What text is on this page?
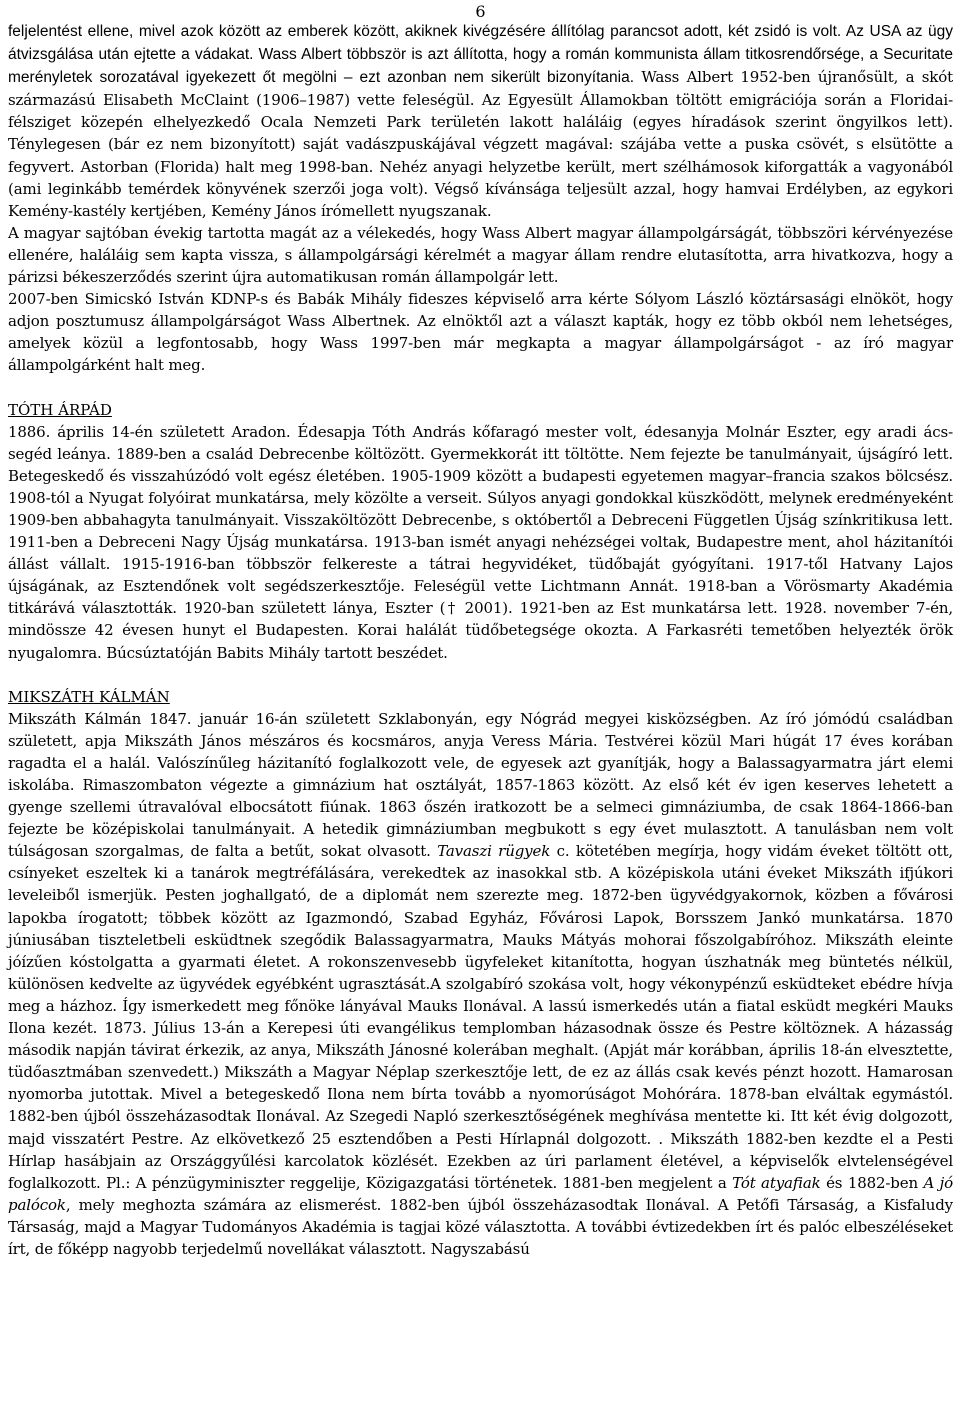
6

feljelentést ellene, mivel azok között az emberek között, akiknek kivégzésére állítólag parancsot adott, két zsidó is volt. Az USA az ügy átvizsgálása után ejtette a vádakat. Wass Albert többször is azt állította, hogy a román kommunista állam titkosrendőrsége, a Securitate merényletek sorozatával igyekezett őt megölni – ezt azonban nem sikerült bizonyítania. Wass Albert 1952-ben újranősült, a skót származású Elisabeth McClaint (1906–1987) vette feleségül. Az Egyesült Államokban töltött emigrációja során a Floridai-félsziget közepén elhelyezkedő Ocala Nemzeti Park területén lakott haláláig (egyes híradások szerint öngyilkos lett). Ténylegesen (bár ez nem bizonyított) saját vadászpuskájával végzett magával: szájába vette a puska csövét, s elsütötte a fegyvert. Astorban (Florida) halt meg 1998-ban. Nehéz anyagi helyzetbe került, mert szélhámosok kiforgatták a vagyonából (ami leginkább temérdek könyvének szerzői joga volt). Végső kívánsága teljesült azzal, hogy hamvai Erdélyben, az egykori Kemény-kastély kertjében, Kemény János írómellett nyugszanak.

A magyar sajtóban évekig tartotta magát az a vélekedés, hogy Wass Albert magyar állampolgárságát, többszöri kérvényezése ellenére, haláláig sem kapta vissza, s állampolgársági kérelmét a magyar állam rendre elutasította, arra hivatkozva, hogy a párizsi békeszerződés szerint újra automatikusan román állampolgár lett.

2007-ben Simicskó István KDNP-s és Babák Mihály fideszes képviselő arra kérte Sólyom László köztársasági elnököt, hogy adjon posztumusz állampolgárságot Wass Albertnek. Az elnöktől azt a választ kapták, hogy ez több okból nem lehetséges, amelyek közül a legfontosabb, hogy Wass 1997-ben már megkapta a magyar állampolgárságot - az író magyar állampolgárként halt meg.

TÓTH ÁRPÁD

1886. április 14-én született Aradon. Édesapja Tóth András kőfaragó mester volt, édesanyja Molnár Eszter, egy aradi ács-segéd leánya. 1889-ben a család Debrecenbe költözött. Gyermekkorát itt töltötte. Nem fejezte be tanulmányait, újságíró lett. Betegeskedő és visszahúzódó volt egész életében. 1905-1909 között a budapesti egyetemen magyar–francia szakos bölcsész. 1908-tól a Nyugat folyóirat munkatársa, mely közölte a verseit. Súlyos anyagi gondokkal küszködött, melynek eredményeként 1909-ben abbahagyta tanulmányait. Visszaköltözött Debrecenbe, s októbertől a Debreceni Független Újság színkritikusa lett. 1911-ben a Debreceni Nagy Újság munkatársa. 1913-ban ismét anyagi nehézségei voltak, Budapestre ment, ahol házitanítói állást vállalt. 1915-1916-ban többször felkereste a tátrai hegyvidéket, tüdőbaját gyógyítani. 1917-től Hatvany Lajos újságának, az Esztendőnek volt segédszerkesztője. Feleségül vette Lichtmann Annát. 1918-ban a Vörösmarty Akadémia titkárává választották. 1920-ban született lánya, Eszter († 2001). 1921-ben az Est munkatársa lett. 1928. november 7-én, mindössze 42 évesen hunyt el Budapesten. Korai halálát tüdőbetegsége okozta. A Farkasréti temetőben helyezték örök nyugalomra. Búcsúztatóján Babits Mihály tartott beszédet.

MIKSZÁTH KÁLMÁN

Mikszáth Kálmán 1847. január 16-án született Szklabonyán, egy Nógrád megyei kisközségben. Az író jómódú családban született, apja Mikszáth János mészáros és kocsmáros, anyja Veress Mária. Testvérei közül Mari húgát 17 éves korában ragadta el a halál. Valószínűleg házitanító foglalkozott vele, de egyesek azt gyanítják, hogy a Balassagyarmatra járt elemi iskolába. Rimaszombaton végezte a gimnázium hat osztályát, 1857-1863 között. Az első két év igen keserves lehetett a gyenge szellemi útravalóval elbocsátott fiúnak. 1863 őszén iratkozott be a selmeci gimnáziumba, de csak 1864-1866-ban fejezte be középiskolai tanulmányait. A hetedik gimnáziumban megbukott s egy évet mulasztott. A tanulásban nem volt túlságosan szorgalmas, de falta a betűt, sokat olvasott. Tavaszi rügyek c. kötetében megírja, hogy vidám éveket töltött ott, csínyeket eszeltek ki a tanárok megtréfálására, verekedtek az inasokkal stb. A középiskola utáni éveket Mikszáth ifjúkori leveleiből ismerjük. Pesten joghallgató, de a diplomát nem szerezte meg. 1872-ben ügyvédgyakornok, közben a fővárosi lapokba írogatott; többek között az Igazmondó, Szabad Egyház, Fővárosi Lapok, Borsszem Jankó munkatársa. 1870 júniusában tiszteletbeli esküdtnek szegődik Balassagyarmatra, Mauks Mátyás mohorai főszolgabíróhoz. Mikszáth eleinte jóízűen kóstolgatta a gyarmati életet. A rokonszenvesebb ügyfeleket kitanította, hogyan úszhatnák meg büntetés nélkül, különösen kedvelte az ügyvédek egyébként ugrasztását.A szolgabíró szokása volt, hogy vékonypénzű esküdteket ebédre hívja meg a házhoz. Így ismerkedett meg főnöke lányával Mauks Ilonával. A lassú ismerkedés után a fiatal esküdt megkéri Mauks Ilona kezét. 1873. Július 13-án a Kerepesi úti evangélikus templomban házasodnak össze és Pestre költöznek. A házasság második napján távirat érkezik, az anya, Mikszáth Jánosné kolerában meghalt. (Apját már korábban, április 18-án elvesztette, tüdőasztmában szenvedett.) Mikszáth a Magyar Néplap szerkesztője lett, de ez az állás csak kevés pénzt hozott. Hamarosan nyomorba jutottak. Mivel a betegeskedő Ilona nem bírta tovább a nyomorúságot Mohórára. 1878-ban elváltak egymástól. 1882-ben újból összeházasodtak Ilonával. Az Szegedi Napló szerkesztőségének meghívása mentette ki. Itt két évig dolgozott, majd visszatért Pestre. Az elkövetkező 25 esztendőben a Pesti Hírlapnál dolgozott. . Mikszáth 1882-ben kezdte el a Pesti Hírlap hasábjain az Országgyűlési karcolatok közlését. Ezekben az úri parlament életével, a képviselők elvtelenségével foglalkozott. Pl.: A pénzügyminiszter reggelije, Közigazgatási történetek. 1881-ben megjelent a Tót atyafiak és 1882-ben A jó palócok, mely meghozta számára az elismerést. 1882-ben újból összeházasodtak Ilonával. A Petőfi Társaság, a Kisfaludy Társaság, majd a Magyar Tudományos Akadémia is tagjai közé választotta. A további évtizedekben írt és palóc elbeszéléseket írt, de főképp nagyobb terjedelmű novellákat választott. Nagyszabású
